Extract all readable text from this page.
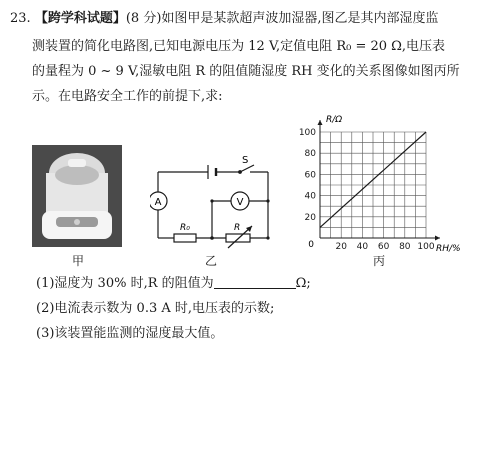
23. 【跨学科试题】(8 分)如图甲是某款超声波加湿器,图乙是其内部湿度监
测装置的简化电路图,已知电源电压为 12 V,定值电阻 R₀ = 20 Ω,电压表
的量程为 0 ~ 9 V,湿敏电阻 R 的阻值随湿度 RH 变化的关系图像如图丙所
示。在电路安全工作的前提下,求:
甲
S
A	V
R₀	R
乙
20 40 60 80 100
20
40
60
80
100
R/Ω
RH/%
0
丙
(1)湿度为 30% 时,R 的阻值为	Ω;
(2)电流表示数为 0.3 A 时,电压表的示数;
(3)该装置能监测的湿度最大值。
